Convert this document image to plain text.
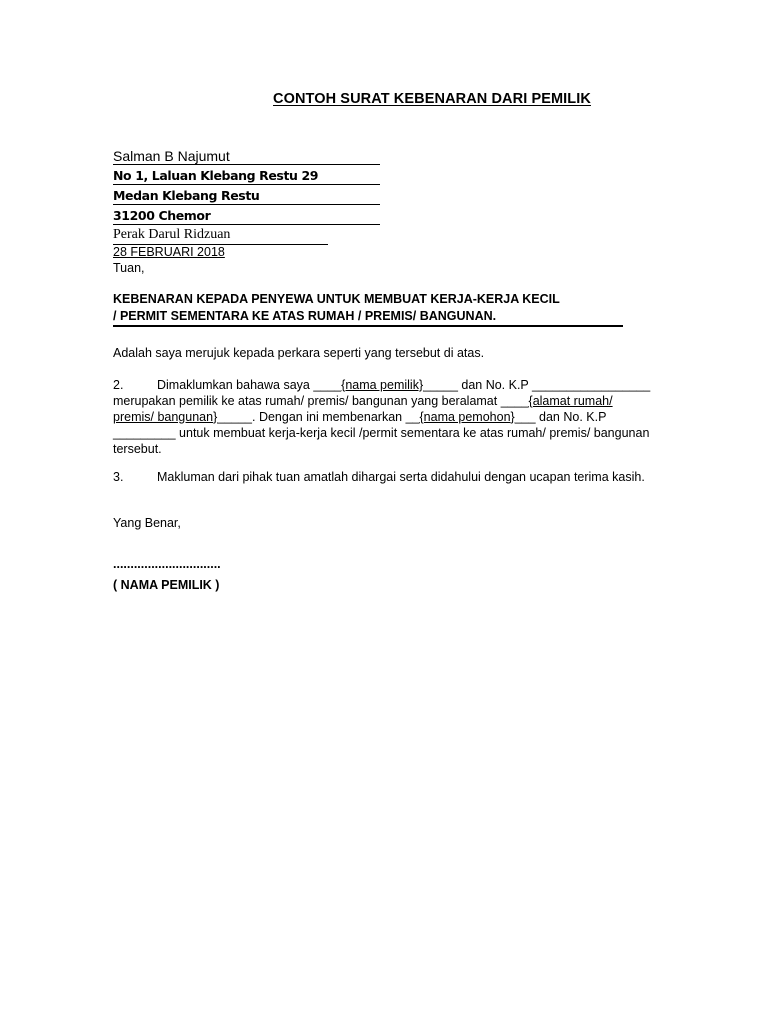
CONTOH SURAT KEBENARAN DARI PEMILIK
Salman B Najumut
No 1, Laluan Klebang Restu 29
Medan Klebang Restu
31200 Chemor
Perak Darul Ridzuan
28 FEBRUARI 2018
Tuan,
KEBENARAN KEPADA PENYEWA UNTUK MEMBUAT KERJA-KERJA KECIL
/ PERMIT SEMENTARA KE ATAS RUMAH / PREMIS/ BANGUNAN.
Adalah saya merujuk kepada perkara seperti yang tersebut di atas.
2.	Dimaklumkan bahawa saya ____{nama pemilik}_____ dan No. K.P _________________
merupakan pemilik ke atas rumah/ premis/ bangunan yang beralamat ____{alamat rumah/
premis/ bangunan}_____. Dengan ini membenarkan __{nama pemohon}___ dan No. K.P
_________ untuk membuat kerja-kerja kecil /permit sementara ke atas rumah/ premis/ bangunan
tersebut.
3.	Makluman dari pihak tuan amatlah dihargai serta didahului dengan ucapan terima kasih.
Yang Benar,
...............................
( NAMA PEMILIK )
